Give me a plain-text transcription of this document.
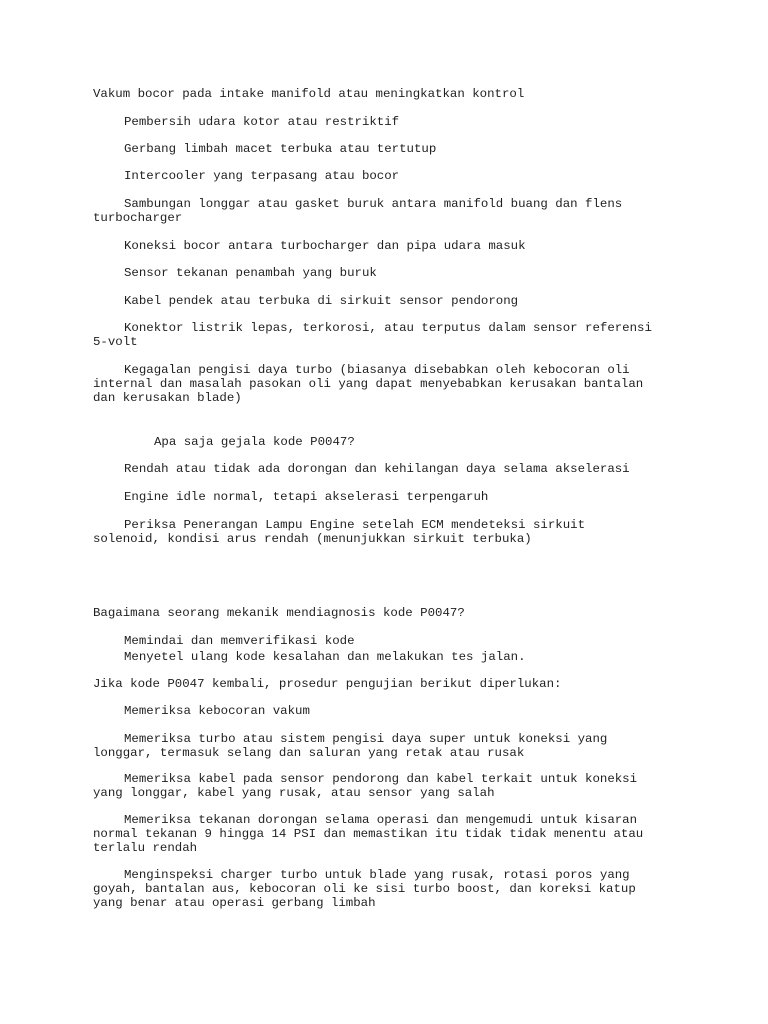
Vakum bocor pada intake manifold atau meningkatkan kontrol

Pembersih udara kotor atau restriktif

Gerbang limbah macet terbuka atau tertutup

Intercooler yang terpasang atau bocor

Sambungan longgar atau gasket buruk antara manifold buang dan flens

turbocharger

Koneksi bocor antara turbocharger dan pipa udara masuk

Sensor tekanan penambah yang buruk

Kabel pendek atau terbuka di sirkuit sensor pendorong

Konektor listrik lepas, terkorosi, atau terputus dalam sensor referensi

5-volt

Kegagalan pengisi daya turbo (biasanya disebabkan oleh kebocoran oli

internal dan masalah pasokan oli yang dapat menyebabkan kerusakan bantalan

dan kerusakan blade)

Apa saja gejala kode P0047?

Rendah atau tidak ada dorongan dan kehilangan daya selama akselerasi

Engine idle normal, tetapi akselerasi terpengaruh

Periksa Penerangan Lampu Engine setelah ECM mendeteksi sirkuit

solenoid, kondisi arus rendah (menunjukkan sirkuit terbuka)

Bagaimana seorang mekanik mendiagnosis kode P0047?

Memindai dan memverifikasi kode

Menyetel ulang kode kesalahan dan melakukan tes jalan.

Jika kode P0047 kembali, prosedur pengujian berikut diperlukan:

Memeriksa kebocoran vakum

Memeriksa turbo atau sistem pengisi daya super untuk koneksi yang

longgar, termasuk selang dan saluran yang retak atau rusak

Memeriksa kabel pada sensor pendorong dan kabel terkait untuk koneksi

yang longgar, kabel yang rusak, atau sensor yang salah

Memeriksa tekanan dorongan selama operasi dan mengemudi untuk kisaran

normal tekanan 9 hingga 14 PSI dan memastikan itu tidak tidak menentu atau

terlalu rendah

Menginspeksi charger turbo untuk blade yang rusak, rotasi poros yang

goyah, bantalan aus, kebocoran oli ke sisi turbo boost, dan koreksi katup

yang benar atau operasi gerbang limbah
